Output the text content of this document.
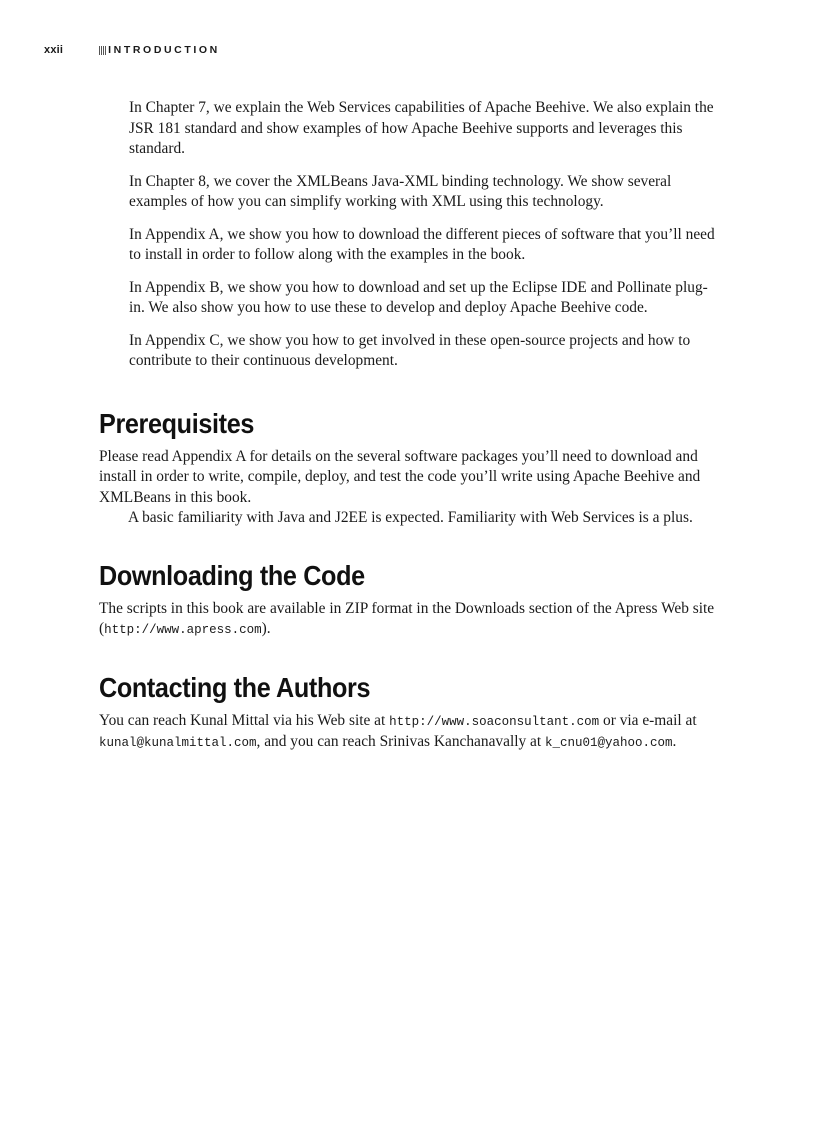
xxii	INTRODUCTION

In Chapter 7, we explain the Web Services capabilities of Apache Beehive. We also explain the JSR 181 standard and show examples of how Apache Beehive supports and leverages this standard.

In Chapter 8, we cover the XMLBeans Java-XML binding technology. We show several examples of how you can simplify working with XML using this technology.

In Appendix A, we show you how to download the different pieces of software that you’ll need to install in order to follow along with the examples in the book.

In Appendix B, we show you how to download and set up the Eclipse IDE and Pollinate plug-in. We also show you how to use these to develop and deploy Apache Beehive code.

In Appendix C, we show you how to get involved in these open-source projects and how to contribute to their continuous development.

Prerequisites

Please read Appendix A for details on the several software packages you’ll need to download and install in order to write, compile, deploy, and test the code you’ll write using Apache Beehive and XMLBeans in this book.

A basic familiarity with Java and J2EE is expected. Familiarity with Web Services is a plus.

Downloading the Code

The scripts in this book are available in ZIP format in the Downloads section of the Apress Web site (http://www.apress.com).

Contacting the Authors

You can reach Kunal Mittal via his Web site at http://www.soaconsultant.com or via e-mail at kunal@kunalmittal.com, and you can reach Srinivas Kanchanavally at k_cnu01@yahoo.com.
